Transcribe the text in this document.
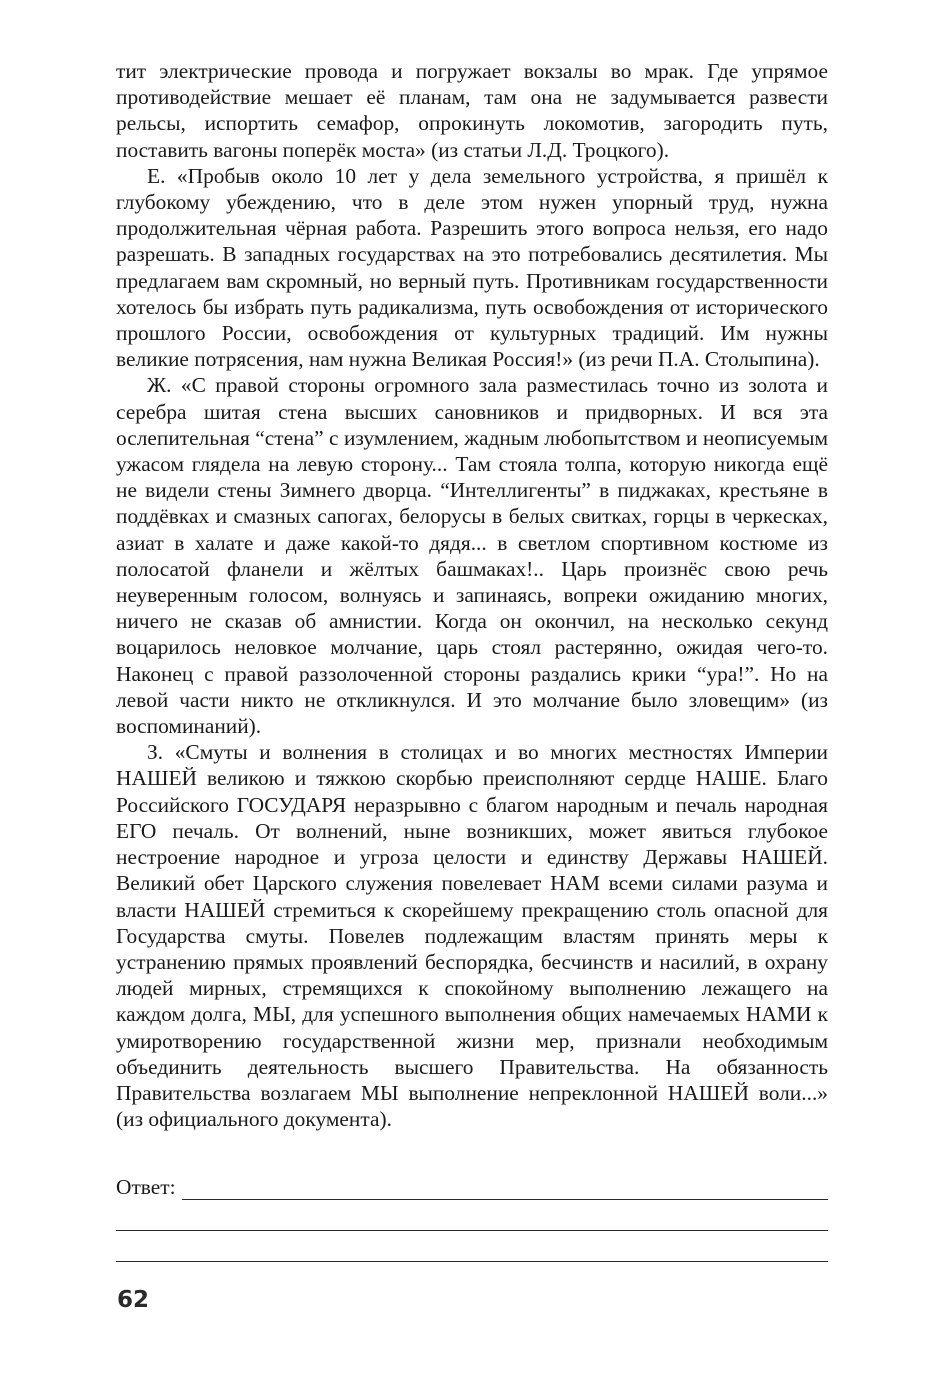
тит электрические провода и погружает вокзалы во мрак. Где упрямое противодействие мешает её планам, там она не задумывается развести рельсы, испортить семафор, опрокинуть локомотив, загородить путь, поставить вагоны поперёк моста» (из статьи Л.Д. Троцкого).

Е. «Пробыв около 10 лет у дела земельного устройства, я пришёл к глубокому убеждению, что в деле этом нужен упорный труд, нужна продолжительная чёрная работа. Разрешить этого вопроса нельзя, его надо разрешать. В западных государствах на это потребовались десятилетия. Мы предлагаем вам скромный, но верный путь. Противникам государственности хотелось бы избрать путь радикализма, путь освобождения от исторического прошлого России, освобождения от культурных традиций. Им нужны великие потрясения, нам нужна Великая Россия!» (из речи П.А. Столыпина).

Ж. «С правой стороны огромного зала разместилась точно из золота и серебра шитая стена высших сановников и придворных. И вся эта ослепительная “стена” с изумлением, жадным любопытством и неописуемым ужасом глядела на левую сторону... Там стояла толпа, которую никогда ещё не видели стены Зимнего дворца. “Интеллигенты” в пиджаках, крестьяне в поддёвках и смазных сапогах, белорусы в белых свитках, горцы в черкесках, азиат в халате и даже какой-то дядя... в светлом спортивном костюме из полосатой фланели и жёлтых башмаках!.. Царь произнёс свою речь неуверенным голосом, волнуясь и запинаясь, вопреки ожиданию многих, ничего не сказав об амнистии. Когда он окончил, на несколько секунд воцарилось неловкое молчание, царь стоял растерянно, ожидая чего-то. Наконец с правой раззолоченной стороны раздались крики “ура!”. Но на левой части никто не откликнулся. И это молчание было зловещим» (из воспоминаний).

З. «Смуты и волнения в столицах и во многих местностях Империи НАШЕЙ великою и тяжкою скорбью преисполняют сердце НАШЕ. Благо Российского ГОСУДАРЯ неразрывно с благом народным и печаль народная ЕГО печаль. От волнений, ныне возникших, может явиться глубокое нестроение народное и угроза целости и единству Державы НАШЕЙ. Великий обет Царского служения повелевает НАМ всеми силами разума и власти НАШЕЙ стремиться к скорейшему прекращению столь опасной для Государства смуты. Повелев подлежащим властям принять меры к устранению прямых проявлений беспорядка, бесчинств и насилий, в охрану людей мирных, стремящихся к спокойному выполнению лежащего на каждом долга, МЫ, для успешного выполнения общих намечаемых НАМИ к умиротворению государственной жизни мер, признали необходимым объединить деятельность высшего Правительства. На обязанность Правительства возлагаем МЫ выполнение непреклонной НАШЕЙ воли...» (из официального документа).

Ответ:
62
